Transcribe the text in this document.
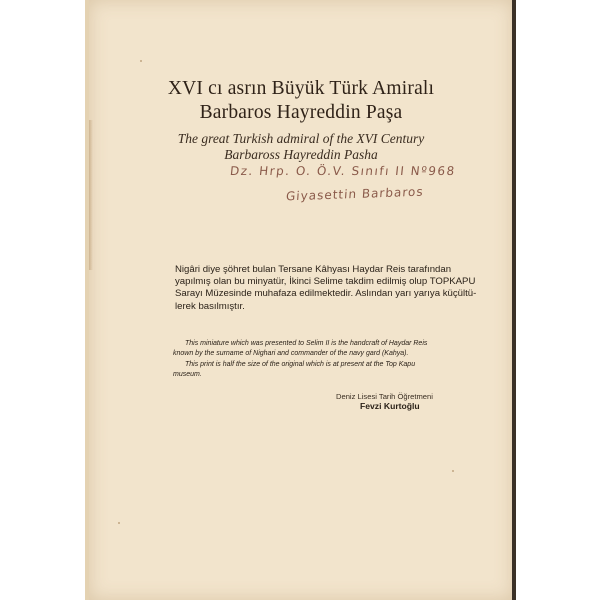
XVI cı asrın Büyük Türk Amiralı
Barbaros Hayreddin Paşa
The great Turkish admiral of the XVI Century
Barbaross Hayreddin Pasha
Dz. Hrp. O. Ö.V. Sınıfı II Nº968
Giyasettin Barbaros
Nigâri diye şöhret bulan Tersane Kâhyası Haydar Reis tarafından
yapılmış olan bu minyatür, İkinci Selime takdim edilmiş olup TOPKAPU
Sarayı Müzesinde muhafaza edilmektedir. Aslından yarı yarıya küçültü-
lerek basılmıştır.
This miniature which was presented to Selim II is the handcraft of Haydar Reis
known by the surname of Nighari and commander of the navy gard (Kahya).
This print is half the size of the original which is at present at the Top Kapu
museum.
Deniz Lisesi Tarih Öğretmeni
Fevzi Kurtoğlu
